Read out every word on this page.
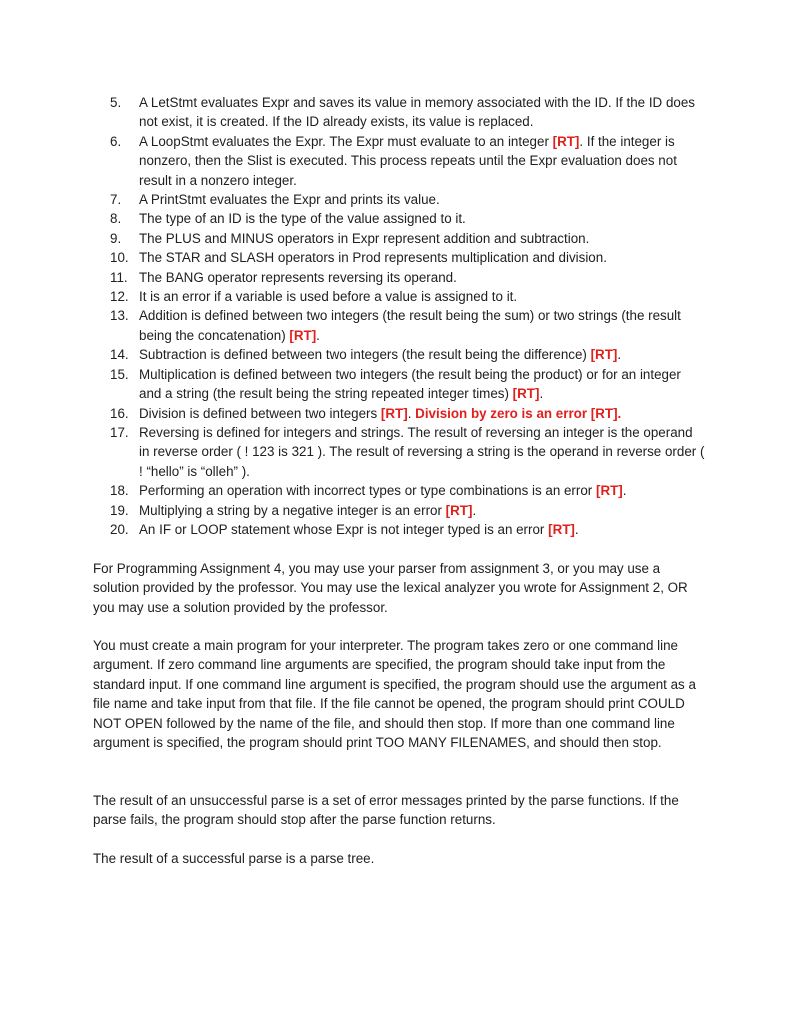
5.	A LetStmt evaluates Expr and saves its value in memory associated with the ID. If the ID does not exist, it is created. If the ID already exists, its value is replaced.
6.	A LoopStmt evaluates the Expr. The Expr must evaluate to an integer [RT]. If the integer is nonzero, then the Slist is executed. This process repeats until the Expr evaluation does not result in a nonzero integer.
7.	A PrintStmt evaluates the Expr and prints its value.
8.	The type of an ID is the type of the value assigned to it.
9.	The PLUS and MINUS operators in Expr represent addition and subtraction.
10. The STAR and SLASH operators in Prod represents multiplication and division.
11. The BANG operator represents reversing its operand.
12. It is an error if a variable is used before a value is assigned to it.
13. Addition is defined between two integers (the result being the sum) or two strings (the result being the concatenation) [RT].
14. Subtraction is defined between two integers (the result being the difference) [RT].
15. Multiplication is defined between two integers (the result being the product) or for an integer and a string (the result being the string repeated integer times) [RT].
16. Division is defined between two integers [RT]. Division by zero is an error [RT].
17. Reversing is defined for integers and strings. The result of reversing an integer is the operand in reverse order ( ! 123 is 321 ). The result of reversing a string is the operand in reverse order ( ! “hello” is “olleh” ).
18. Performing an operation with incorrect types or type combinations is an error [RT].
19. Multiplying a string by a negative integer is an error [RT].
20. An IF or LOOP statement whose Expr is not integer typed is an error [RT].

For Programming Assignment 4, you may use your parser from assignment 3, or you may use a solution provided by the professor. You may use the lexical analyzer you wrote for Assignment 2, OR you may use a solution provided by the professor.

You must create a main program for your interpreter. The program takes zero or one command line argument. If zero command line arguments are specified, the program should take input from the standard input. If one command line argument is specified, the program should use the argument as a file name and take input from that file. If the file cannot be opened, the program should print COULD NOT OPEN followed by the name of the file, and should then stop. If more than one command line argument is specified, the program should print TOO MANY FILENAMES, and should then stop.

The result of an unsuccessful parse is a set of error messages printed by the parse functions. If the parse fails, the program should stop after the parse function returns.

The result of a successful parse is a parse tree.
